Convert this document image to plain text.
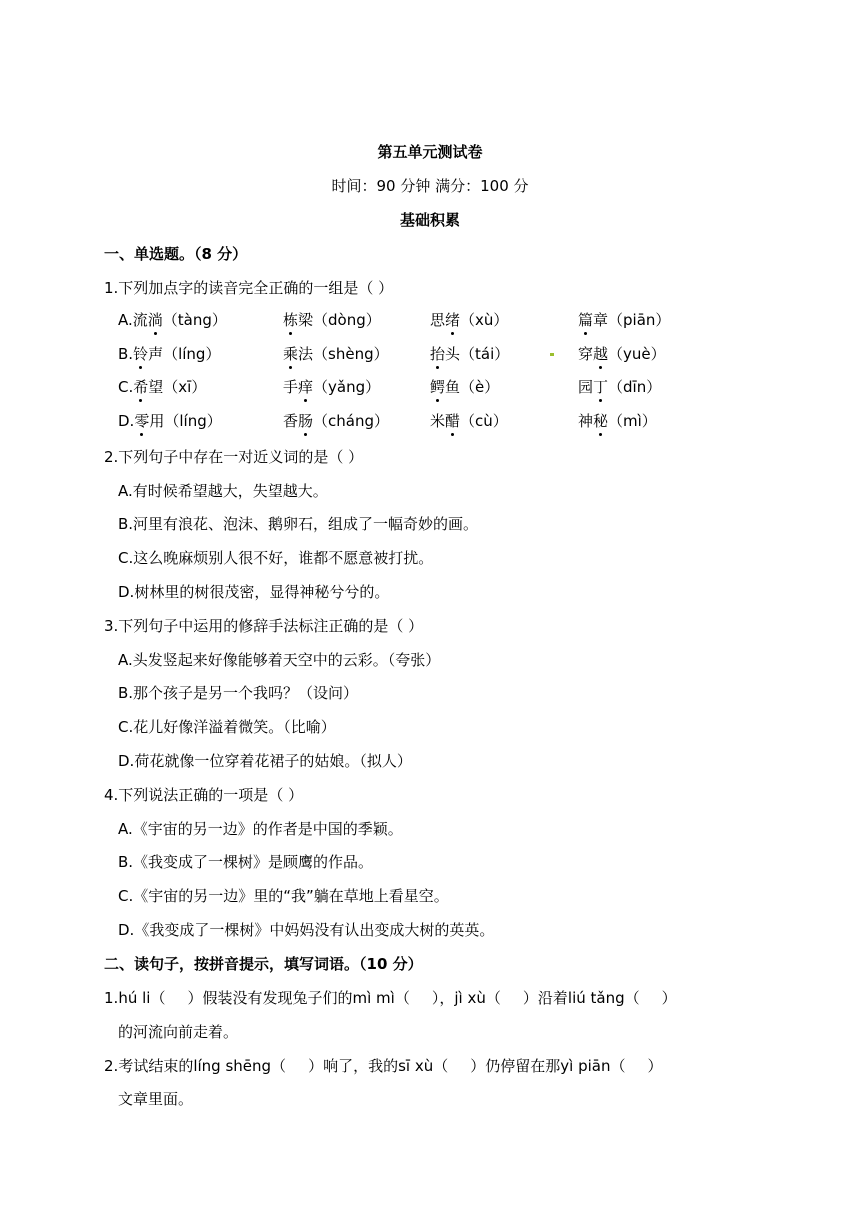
第五单元测试卷
时间：90 分钟 满分：100 分
基础积累
一、单选题。（8 分）
1.下列加点字的读音完全正确的一组是（ ）
A.流淌（tàng）	栋梁（dòng）	思绪（xù）	篇章（piān）
B.铃声（líng）	乘法（shèng）	抬头（tái）	穿越（yuè）
C.希望（xī）	手痒（yǎng）	鳄鱼（è）	园丁（dīn）
D.零用（líng）	香肠（cháng）	米醋（cù）	神秘（mì）
2.下列句子中存在一对近义词的是（ ）
A.有时候希望越大，失望越大。
B.河里有浪花、泡沫、鹅卵石，组成了一幅奇妙的画。
C.这么晚麻烦别人很不好，谁都不愿意被打扰。
D.树林里的树很茂密，显得神秘兮兮的。
3.下列句子中运用的修辞手法标注正确的是（ ）
A.头发竖起来好像能够着天空中的云彩。（夸张）
B.那个孩子是另一个我吗？（设问）
C.花儿好像洋溢着微笑。（比喻）
D.荷花就像一位穿着花裙子的姑娘。（拟人）
4.下列说法正确的一项是（ ）
A.《宇宙的另一边》的作者是中国的季颖。
B.《我变成了一棵树》是顾鹰的作品。
C.《宇宙的另一边》里的“我”躺在草地上看星空。
D.《我变成了一棵树》中妈妈没有认出变成大树的英英。
二、读句子，按拼音提示，填写词语。（10 分）
1.hú li（ ）假装没有发现兔子们的mì mì（ ），jì xù（ ）沿着liú tǎng（ ）
的河流向前走着。
2.考试结束的líng shēng（ ）响了，我的sī xù（ ）仍停留在那yì piān（ ）
文章里面。
